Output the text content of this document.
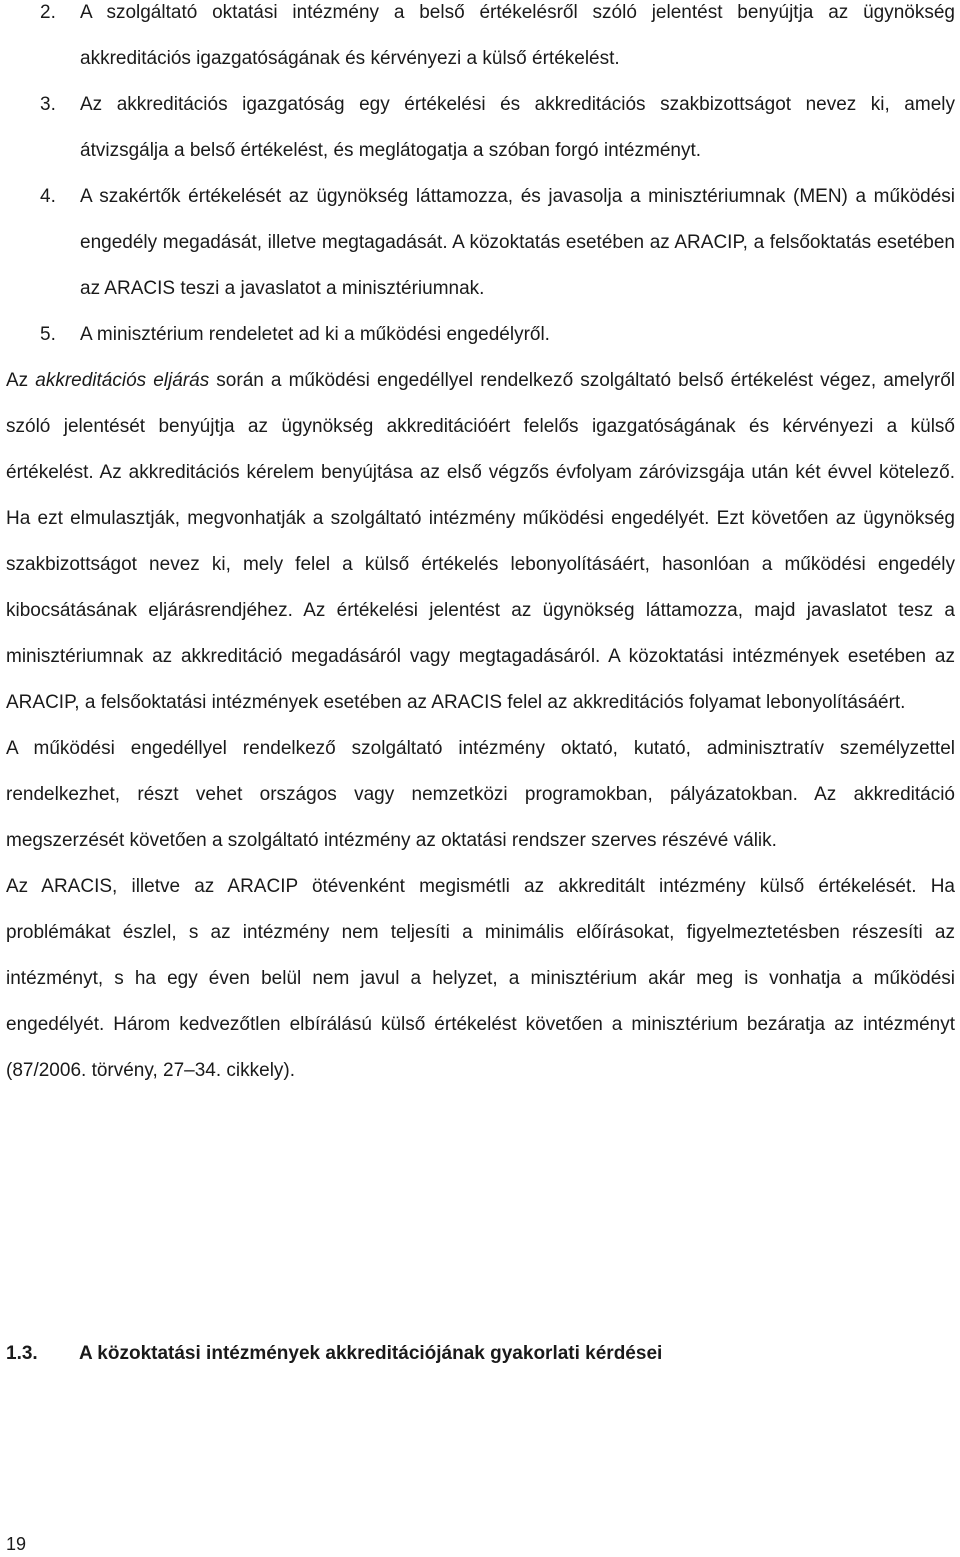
2. A szolgáltató oktatási intézmény a belső értékelésről szóló jelentést benyújtja az ügynökség akkreditációs igazgatóságának és kérvényezi a külső értékelést.
3. Az akkreditációs igazgatóság egy értékelési és akkreditációs szakbizottságot nevez ki, amely átvizsgálja a belső értékelést, és meglátogatja a szóban forgó intézményt.
4. A szakértők értékelését az ügynökség láttamozza, és javasolja a minisztériumnak (MEN) a működési engedély megadását, illetve megtagadását. A közoktatás esetében az ARACIP, a felsőoktatás esetében az ARACIS teszi a javaslatot a minisztériumnak.
5. A minisztérium rendeletet ad ki a működési engedélyről.

Az akkreditációs eljárás során a működési engedéllyel rendelkező szolgáltató belső értékelést végez, amelyről szóló jelentését benyújtja az ügynökség akkreditációért felelős igazgatóságának és kérvényezi a külső értékelést. Az akkreditációs kérelem benyújtása az első végzős évfolyam záróvizsgája után két évvel kötelező. Ha ezt elmulasztják, megvonhatják a szolgáltató intézmény működési engedélyét. Ezt követően az ügynökség szakbizottságot nevez ki, mely felel a külső értékelés lebonyolításáért, hasonlóan a működési engedély kibocsátásának eljárásrendjéhez. Az értékelési jelentést az ügynökség láttamozza, majd javaslatot tesz a minisztériumnak az akkreditáció megadásáról vagy megtagadásáról. A közoktatási intézmények esetében az ARACIP, a felsőoktatási intézmények esetében az ARACIS felel az akkreditációs folyamat lebonyolításáért.

A működési engedéllyel rendelkező szolgáltató intézmény oktató, kutató, adminisztratív személyzettel rendelkezhet, részt vehet országos vagy nemzetközi programokban, pályázatokban. Az akkreditáció megszerzését követően a szolgáltató intézmény az oktatási rendszer szerves részévé válik.

Az ARACIS, illetve az ARACIP ötévenként megismétli az akkreditált intézmény külső értékelését. Ha problémákat észlel, s az intézmény nem teljesíti a minimális előírásokat, figyelmeztetésben részesíti az intézményt, s ha egy éven belül nem javul a helyzet, a minisztérium akár meg is vonhatja a működési engedélyét. Három kedvezőtlen elbírálású külső értékelést követően a minisztérium bezáratja az intézményt (87/2006. törvény, 27–34. cikkely).

1.3.	A közoktatási intézmények akkreditációjának gyakorlati kérdései
19
